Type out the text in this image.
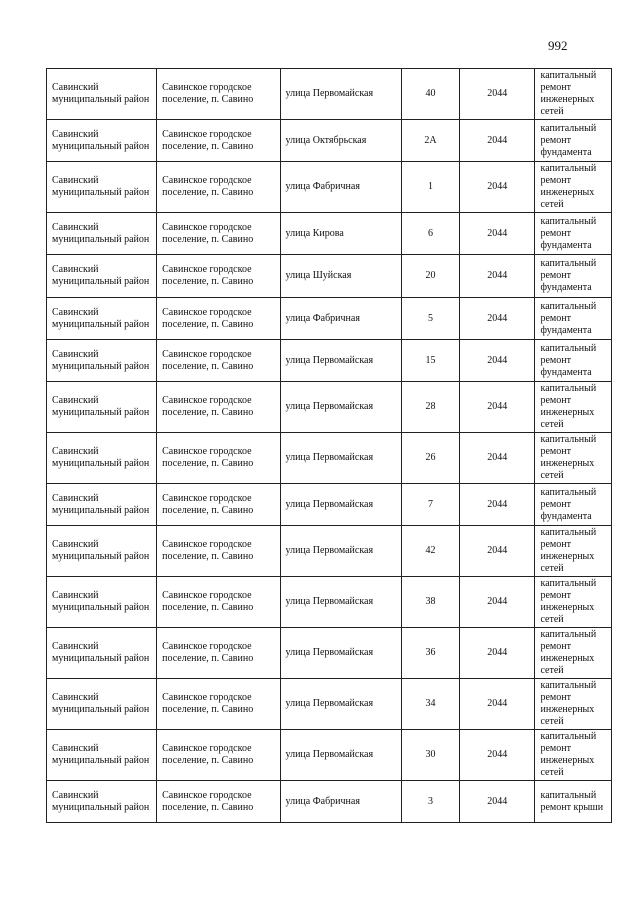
992
Савинский муниципальный район	Савинское городское поселение, п. Савино	улица Первомайская	40	2044	капитальный ремонт инженерных сетей
Савинский муниципальный район	Савинское городское поселение, п. Савино	улица Октябрьская	2А	2044	капитальный ремонт фундамента
Савинский муниципальный район	Савинское городское поселение, п. Савино	улица Фабричная	1	2044	капитальный ремонт инженерных сетей
Савинский муниципальный район	Савинское городское поселение, п. Савино	улица Кирова	6	2044	капитальный ремонт фундамента
Савинский муниципальный район	Савинское городское поселение, п. Савино	улица Шуйская	20	2044	капитальный ремонт фундамента
Савинский муниципальный район	Савинское городское поселение, п. Савино	улица Фабричная	5	2044	капитальный ремонт фундамента
Савинский муниципальный район	Савинское городское поселение, п. Савино	улица Первомайская	15	2044	капитальный ремонт фундамента
Савинский муниципальный район	Савинское городское поселение, п. Савино	улица Первомайская	28	2044	капитальный ремонт инженерных сетей
Савинский муниципальный район	Савинское городское поселение, п. Савино	улица Первомайская	26	2044	капитальный ремонт инженерных сетей
Савинский муниципальный район	Савинское городское поселение, п. Савино	улица Первомайская	7	2044	капитальный ремонт фундамента
Савинский муниципальный район	Савинское городское поселение, п. Савино	улица Первомайская	42	2044	капитальный ремонт инженерных сетей
Савинский муниципальный район	Савинское городское поселение, п. Савино	улица Первомайская	38	2044	капитальный ремонт инженерных сетей
Савинский муниципальный район	Савинское городское поселение, п. Савино	улица Первомайская	36	2044	капитальный ремонт инженерных сетей
Савинский муниципальный район	Савинское городское поселение, п. Савино	улица Первомайская	34	2044	капитальный ремонт инженерных сетей
Савинский муниципальный район	Савинское городское поселение, п. Савино	улица Первомайская	30	2044	капитальный ремонт инженерных сетей
Савинский муниципальный район	Савинское городское поселение, п. Савино	улица Фабричная	3	2044	капитальный ремонт крыши
